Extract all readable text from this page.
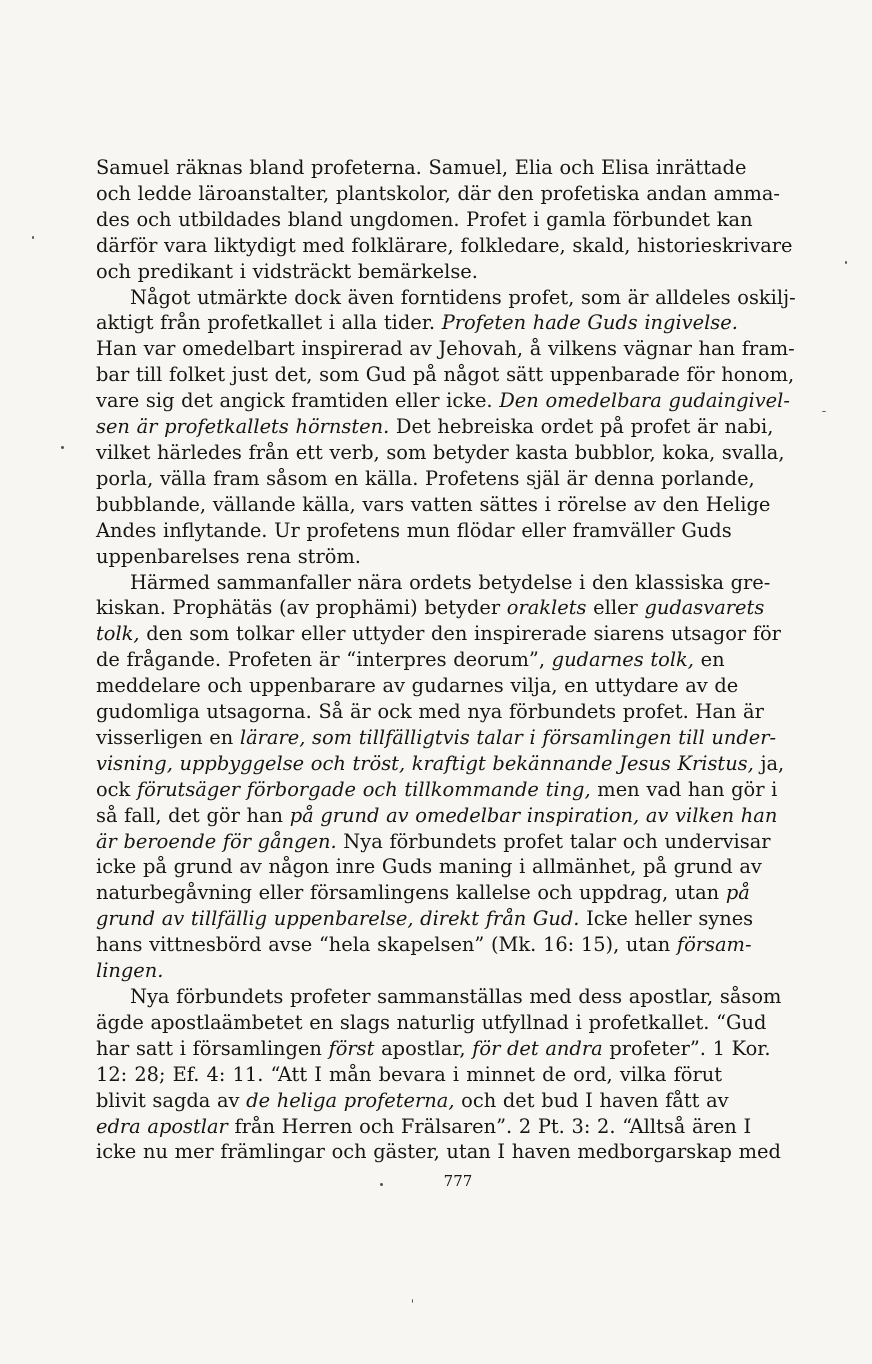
Samuel räknas bland profeterna. Samuel, Elia och Elisa inrättade
och ledde läroanstalter, plantskolor, där den profetiska andan amma-
des och utbildades bland ungdomen. Profet i gamla förbundet kan
därför vara liktydigt med folklärare, folkledare, skald, historieskrivare
och predikant i vidsträckt bemärkelse.
Något utmärkte dock även forntidens profet, som är alldeles oskilj-
aktigt från profetkallet i alla tider. Profeten hade Guds ingivelse.
Han var omedelbart inspirerad av Jehovah, å vilkens vägnar han fram-
bar till folket just det, som Gud på något sätt uppenbarade för honom,
vare sig det angick framtiden eller icke. Den omedelbara gudaingivel-
sen är profetkallets hörnsten. Det hebreiska ordet på profet är nabi,
vilket härledes från ett verb, som betyder kasta bubblor, koka, svalla,
porla, välla fram såsom en källa. Profetens själ är denna porlande,
bubblande, vällande källa, vars vatten sättes i rörelse av den Helige
Andes inflytande. Ur profetens mun flödar eller framväller Guds
uppenbarelses rena ström.
Härmed sammanfaller nära ordets betydelse i den klassiska gre-
kiskan. Prophätäs (av prophämi) betyder oraklets eller gudasvarets
tolk, den som tolkar eller uttyder den inspirerade siarens utsagor för
de frågande. Profeten är “interpres deorum”, gudarnes tolk, en
meddelare och uppenbarare av gudarnes vilja, en uttydare av de
gudomliga utsagorna. Så är ock med nya förbundets profet. Han är
visserligen en lärare, som tillfälligtvis talar i församlingen till under-
visning, uppbyggelse och tröst, kraftigt bekännande Jesus Kristus, ja,
ock förutsäger förborgade och tillkommande ting, men vad han gör i
så fall, det gör han på grund av omedelbar inspiration, av vilken han
är beroende för gången. Nya förbundets profet talar och undervisar
icke på grund av någon inre Guds maning i allmänhet, på grund av
naturbegåvning eller församlingens kallelse och uppdrag, utan på
grund av tillfällig uppenbarelse, direkt från Gud. Icke heller synes
hans vittnesbörd avse “hela skapelsen” (Mk. 16: 15), utan försam-
lingen.
Nya förbundets profeter sammanställas med dess apostlar, såsom
ägde apostlaämbetet en slags naturlig utfyllnad i profetkallet. “Gud
har satt i församlingen först apostlar, för det andra profeter”. 1 Kor.
12: 28; Ef. 4: 11. “Att I mån bevara i minnet de ord, vilka förut
blivit sagda av de heliga profeterna, och det bud I haven fått av
edra apostlar från Herren och Frälsaren”. 2 Pt. 3: 2. “Alltså ären I
icke nu mer främlingar och gäster, utan I haven medborgarskap med
777
